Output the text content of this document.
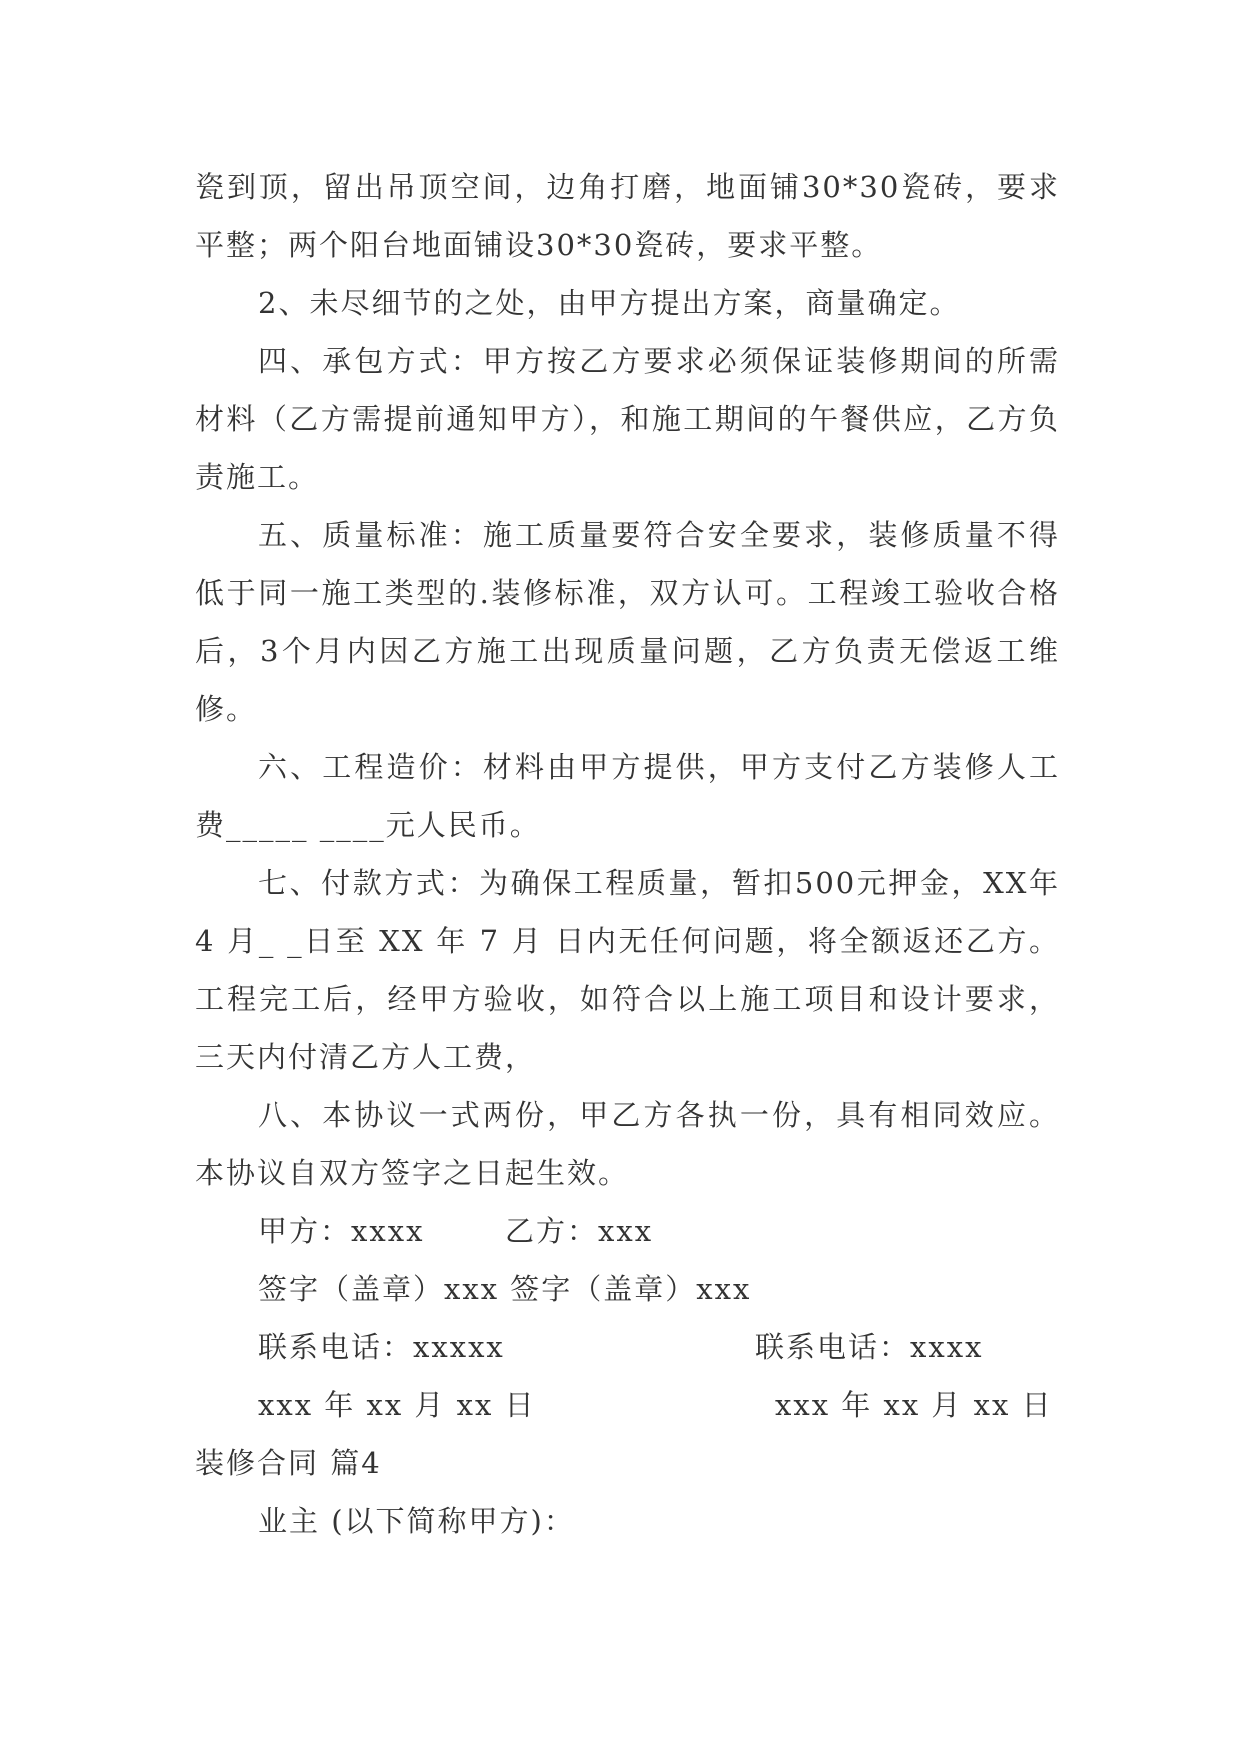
瓷到顶，留出吊顶空间，边角打磨，地面铺30*30瓷砖，要求平整；两个阳台地面铺设30*30瓷砖，要求平整。

2、未尽细节的之处，由甲方提出方案，商量确定。

四、承包方式：甲方按乙方要求必须保证装修期间的所需材料（乙方需提前通知甲方），和施工期间的午餐供应，乙方负责施工。

五、质量标准：施工质量要符合安全要求，装修质量不得低于同一施工类型的.装修标准，双方认可。工程竣工验收合格后，3个月内因乙方施工出现质量问题，乙方负责无偿返工维修。

六、工程造价：材料由甲方提供，甲方支付乙方装修人工费_____ ____元人民币。

七、付款方式：为确保工程质量，暂扣500元押金，XX年 4 月_ _日至 XX 年 7 月 日内无任何问题，将全额返还乙方。工程完工后，经甲方验收，如符合以上施工项目和设计要求，三天内付清乙方人工费，

八、本协议一式两份，甲乙方各执一份，具有相同效应。本协议自双方签字之日起生效。

甲方：xxxx	乙方：xxx
签字（盖章）xxx 签字（盖章）xxx
联系电话：xxxxx	联系电话：xxxx
xxx 年 xx 月 xx 日	xxx 年 xx 月 xx 日

装修合同 篇4

业主 (以下简称甲方)：
